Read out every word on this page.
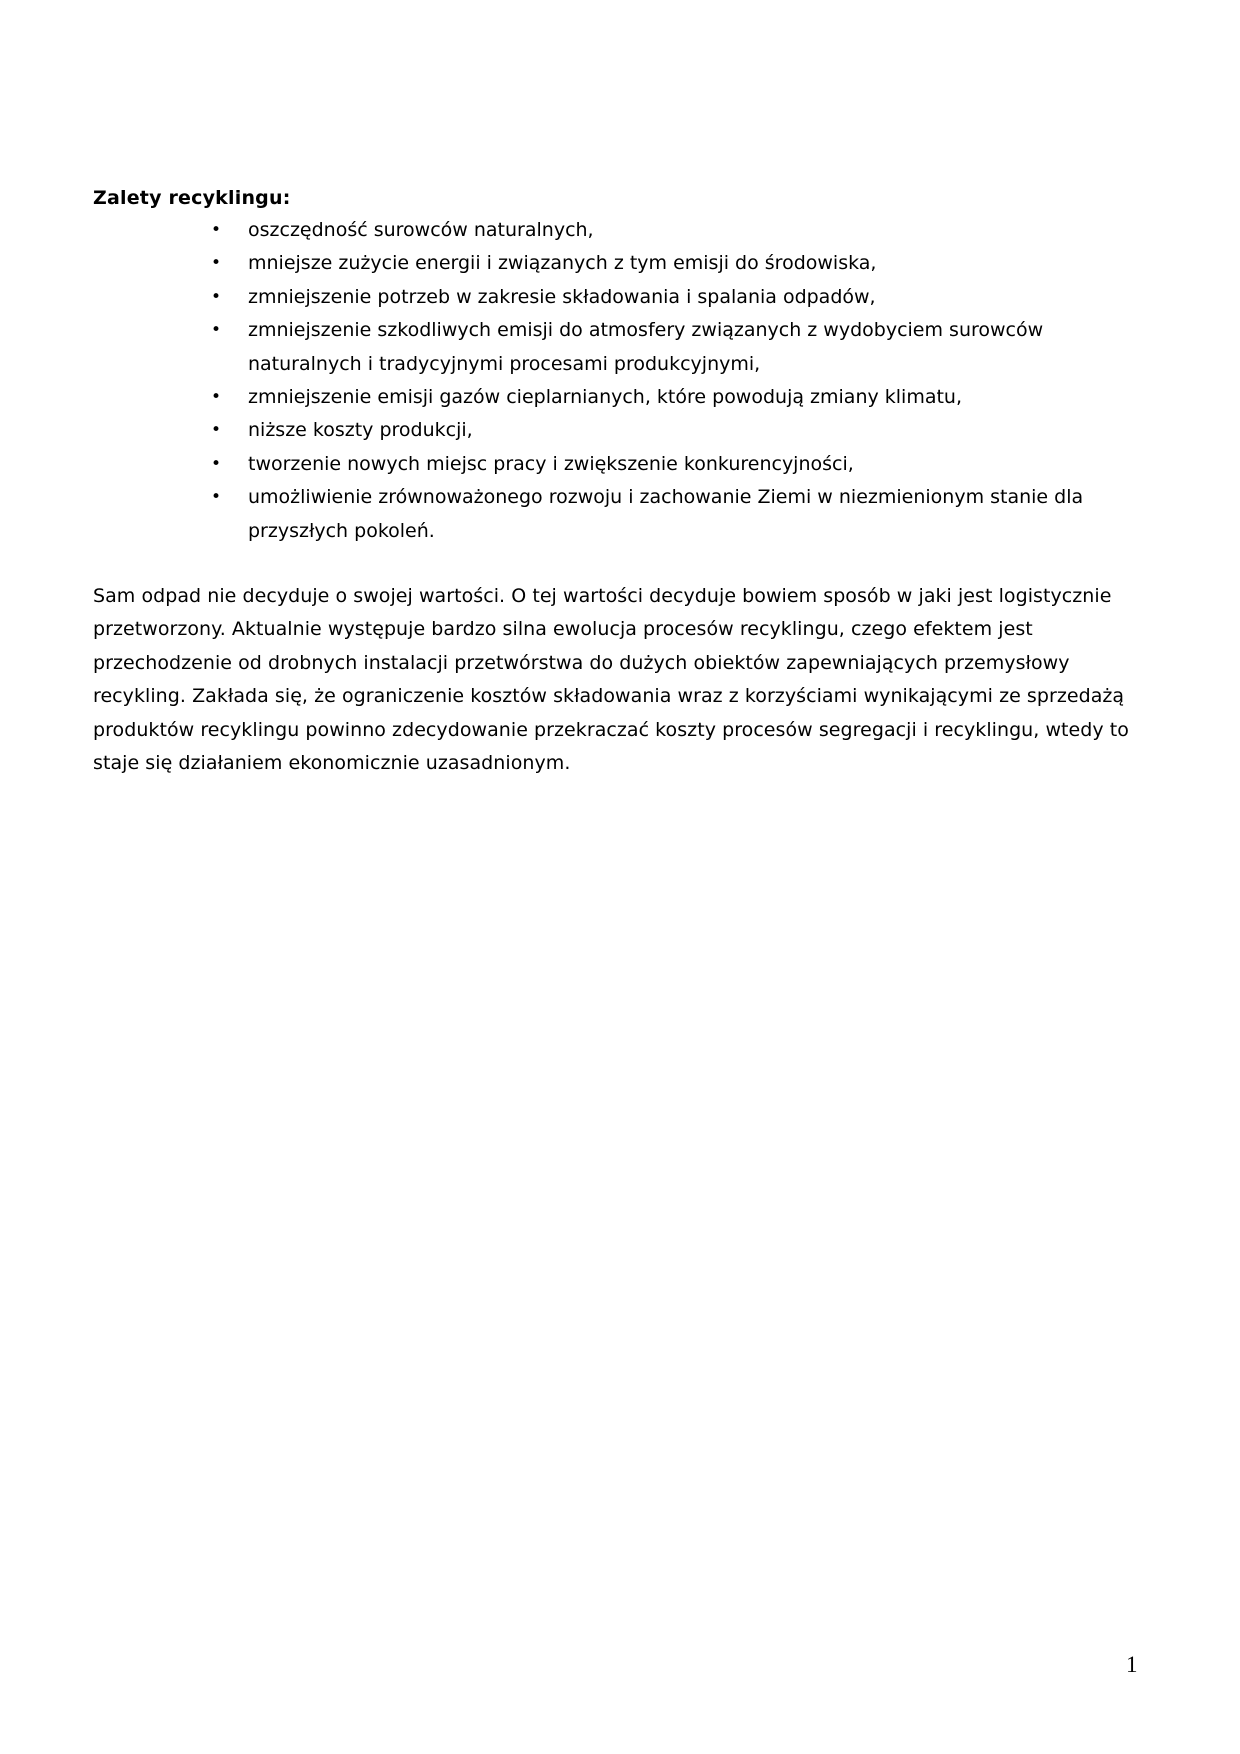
Zalety recyklingu:
• oszczędność surowców naturalnych,
• mniejsze zużycie energii i związanych z tym emisji do środowiska,
• zmniejszenie potrzeb w zakresie składowania i spalania odpadów,
• zmniejszenie szkodliwych emisji do atmosfery związanych z wydobyciem surowców naturalnych i tradycyjnymi procesami produkcyjnymi,
• zmniejszenie emisji gazów cieplarnianych, które powodują zmiany klimatu,
• niższe koszty produkcji,
• tworzenie nowych miejsc pracy i zwiększenie konkurencyjności,
• umożliwienie zrównoważonego rozwoju i zachowanie Ziemi w niezmienionym stanie dla przyszłych pokoleń.

Sam odpad nie decyduje o swojej wartości. O tej wartości decyduje bowiem sposób w jaki jest logistycznie przetworzony. Aktualnie występuje bardzo silna ewolucja procesów recyklingu, czego efektem jest przechodzenie od drobnych instalacji przetwórstwa do dużych obiektów zapewniających przemysłowy recykling. Zakłada się, że ograniczenie kosztów składowania wraz z korzyściami wynikającymi ze sprzedażą produktów recyklingu powinno zdecydowanie przekraczać koszty procesów segregacji i recyklingu, wtedy to staje się działaniem ekonomicznie uzasadnionym.

1
